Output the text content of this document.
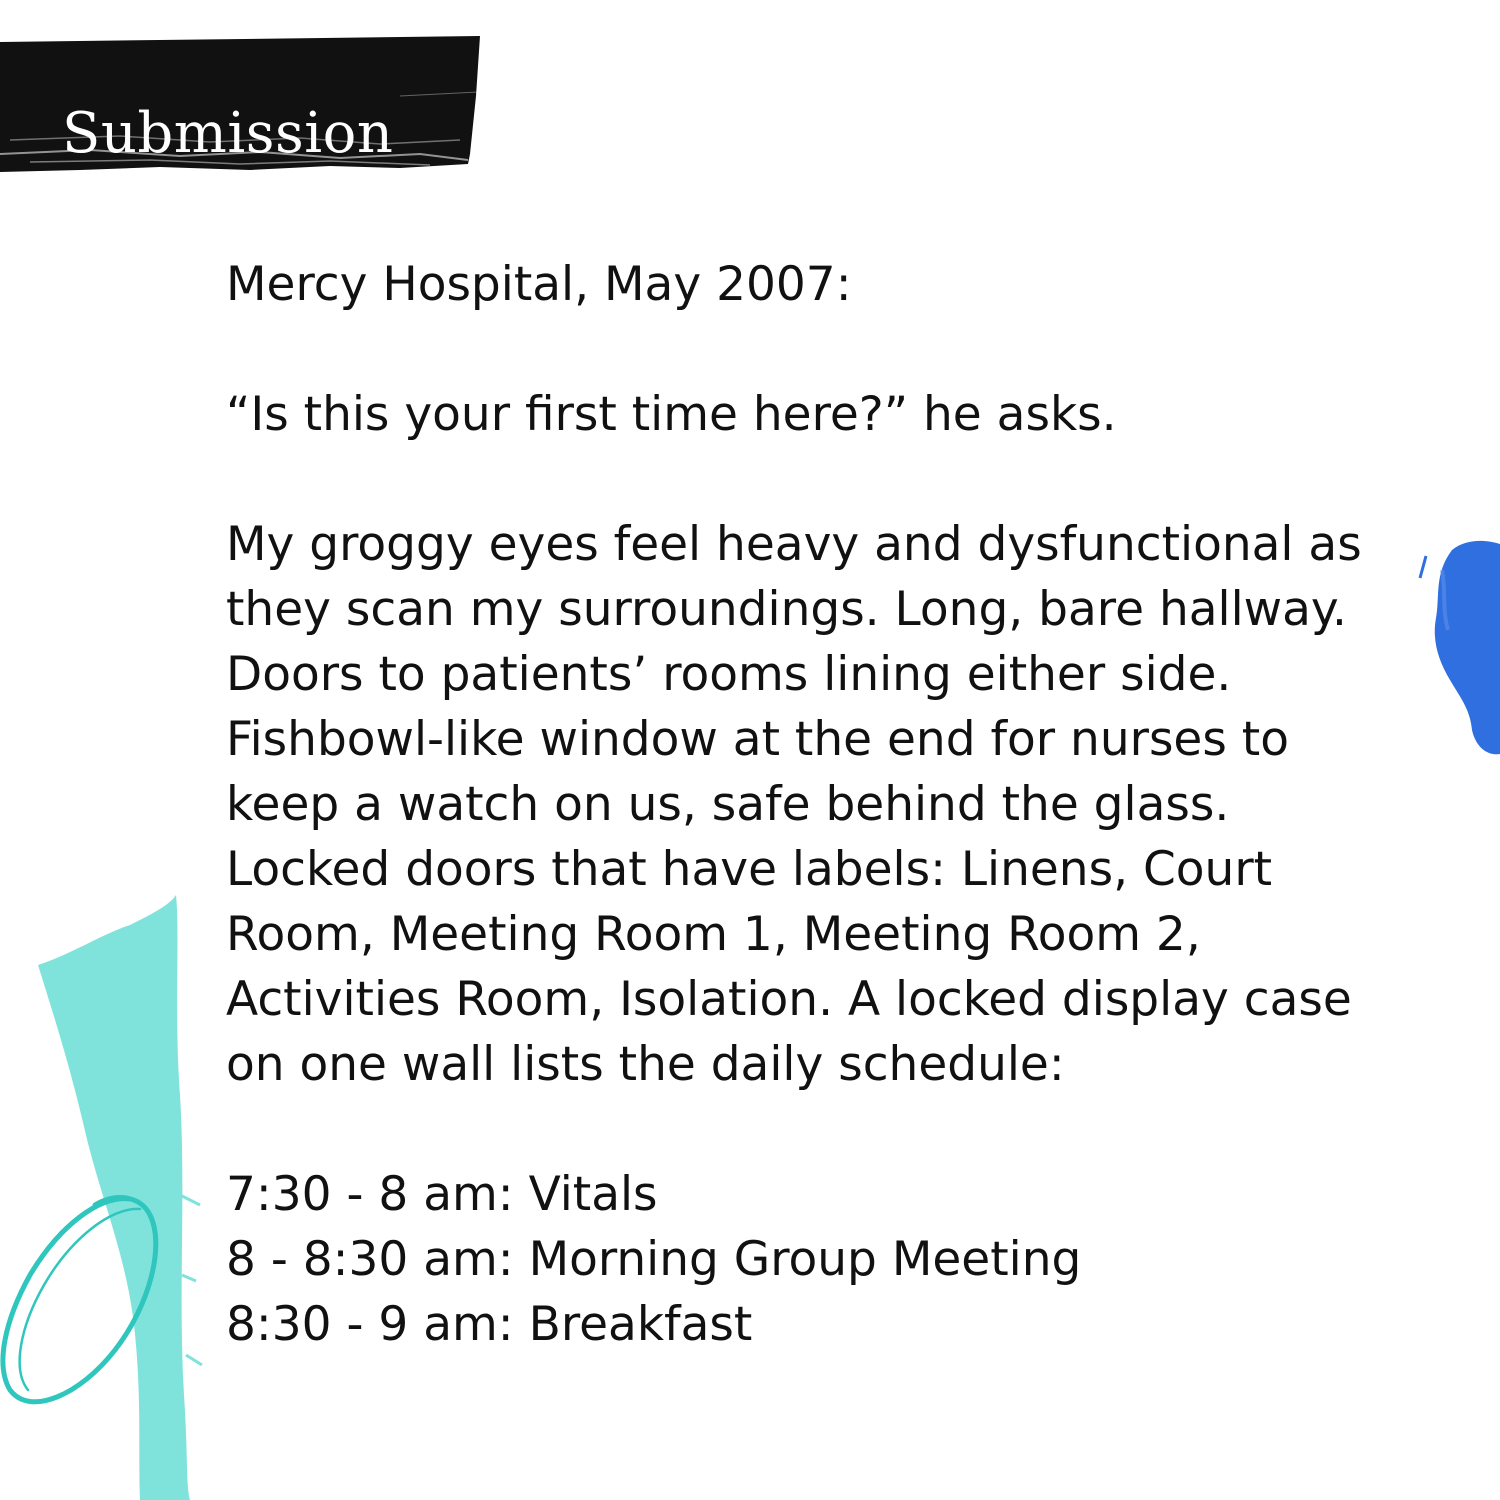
Submission

Mercy Hospital, May 2007:

“Is this your first time here?” he asks.

My groggy eyes feel heavy and dysfunctional as

they scan my surroundings. Long, bare hallway.

Doors to patients’ rooms lining either side.

Fishbowl-like window at the end for nurses to

keep a watch on us, safe behind the glass.

Locked doors that have labels: Linens, Court

Room, Meeting Room 1, Meeting Room 2,

Activities Room, Isolation. A locked display case

on one wall lists the daily schedule:

7:30 - 8 am: Vitals

8 - 8:30 am: Morning Group Meeting

8:30 - 9 am: Breakfast
